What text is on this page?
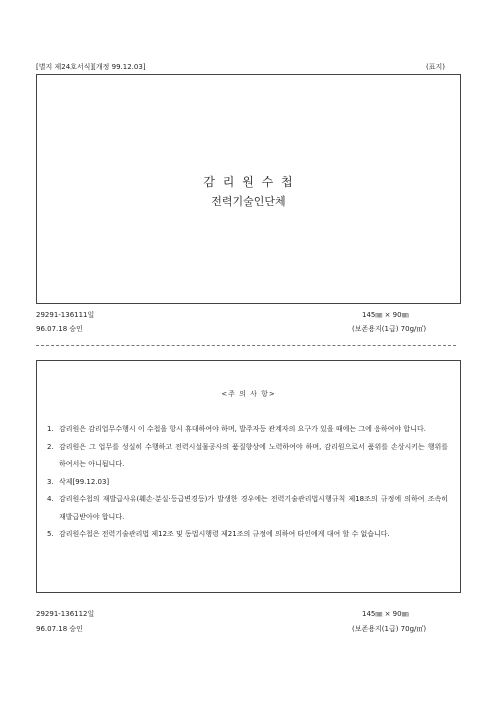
[별지 제24호서식][개정 99.12.03]	(표지)
감 리 원 수 첩
전력기술인단체
29291-136111일
96.07.18 승인
145㎜ × 90㎜
(보존용지(1급) 70g/㎡)
<주 의 사 항>
1. 감리원은 감리업무수행시 이 수첩을 항시 휴대하여야 하며, 발주자등 관계자의 요구가 있을 때에는 그에 응하여야 합니다.
2. 감리원은 그 업무를 성실히 수행하고 전력시설물공사의 품질향상에 노력하여야 하며, 감리원으로서 품위를 손상시키는 행위를 하여서는 아니됩니다.
3. 삭제[99.12.03]
4. 감리원수첩의 재발급사유(훼손·분실·등급변경등)가 발생한 경우에는 전력기술관리법시행규칙 제18조의 규정에 의하여 조속히 재발급받아야 합니다.
5. 감리원수첩은 전력기술관리법 제12조 및 동법시행령 제21조의 규정에 의하여 타인에게 대여 할 수 없습니다.
29291-136112일
96.07.18 승인
145㎜ × 90㎜
(보존용지(1급) 70g/㎡)
